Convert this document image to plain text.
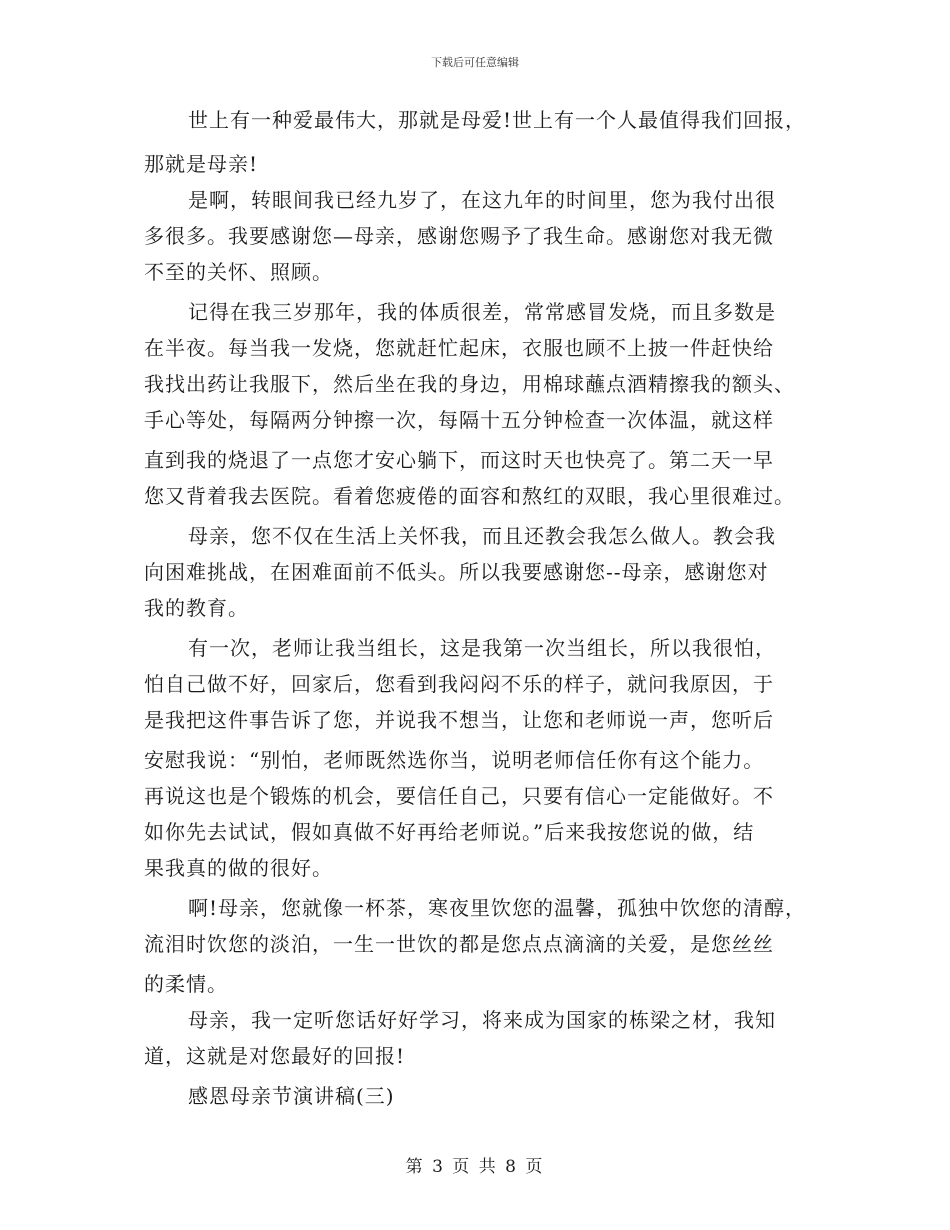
下载后可任意编辑
世上有一种爱最伟大，那就是母爱!世上有一个人最值得我们回报，
那就是母亲!
是啊，转眼间我已经九岁了，在这九年的时间里，您为我付出很
多很多。我要感谢您—母亲，感谢您赐予了我生命。感谢您对我无微
不至的关怀、照顾。
记得在我三岁那年，我的体质很差，常常感冒发烧，而且多数是
在半夜。每当我一发烧，您就赶忙起床，衣服也顾不上披一件赶快给
我找出药让我服下，然后坐在我的身边，用棉球蘸点酒精擦我的额头、
手心等处，每隔两分钟擦一次，每隔十五分钟检查一次体温，就这样
直到我的烧退了一点您才安心躺下，而这时天也快亮了。第二天一早
您又背着我去医院。看着您疲倦的面容和熬红的双眼，我心里很难过。
母亲，您不仅在生活上关怀我，而且还教会我怎么做人。教会我
向困难挑战，在困难面前不低头。所以我要感谢您--母亲，感谢您对
我的教育。
有一次，老师让我当组长，这是我第一次当组长，所以我很怕，
怕自己做不好，回家后，您看到我闷闷不乐的样子，就问我原因，于
是我把这件事告诉了您，并说我不想当，让您和老师说一声，您听后
安慰我说：“别怕，老师既然选你当，说明老师信任你有这个能力。
再说这也是个锻炼的机会，要信任自己，只要有信心一定能做好。不
如你先去试试，假如真做不好再给老师说。”后来我按您说的做，结
果我真的做的很好。
啊!母亲，您就像一杯茶，寒夜里饮您的温馨，孤独中饮您的清醇，
流泪时饮您的淡泊，一生一世饮的都是您点点滴滴的关爱，是您丝丝
的柔情。
母亲，我一定听您话好好学习，将来成为国家的栋梁之材，我知
道，这就是对您最好的回报!
感恩母亲节演讲稿(三)
第 3 页 共 8 页
